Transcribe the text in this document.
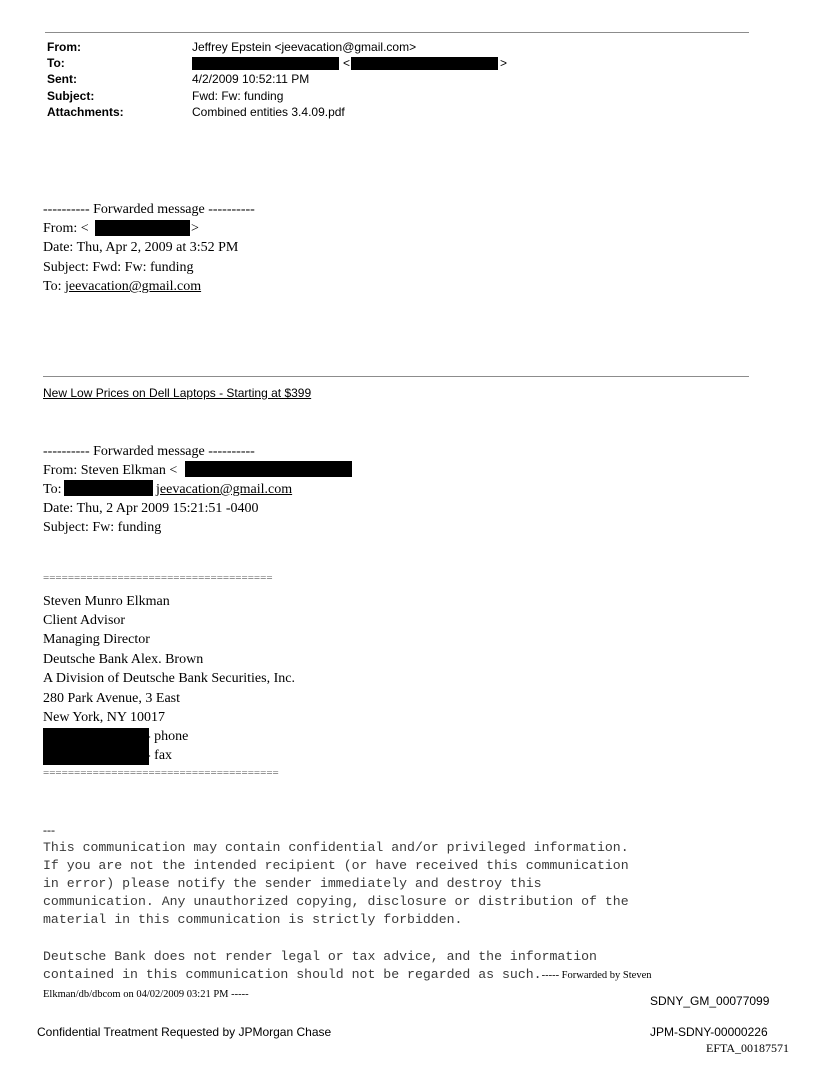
From:	Jeffrey Epstein <jeevacation@gmail.com>
To:	<	>
Sent:	4/2/2009 10:52:11 PM
Subject:	Fwd: Fw: funding
Attachments:	Combined entities 3.4.09.pdf

---------- Forwarded message ----------

From: <

	>

Date: Thu, Apr 2, 2009 at 3:52 PM

Subject: Fwd: Fw: funding

To: jeevacation@gmail.com

New Low Prices on Dell Laptops - Starting at $399

---------- Forwarded message ----------

From: Steven Elkman <

To:

	jeevacation@gmail.com

Date: Thu, 2 Apr 2009 15:21:51 -0400

Subject: Fw: funding

=====================================

Steven Munro Elkman

Client Advisor

Managing Director

Deutsche Bank Alex. Brown

A Division of Deutsche Bank Securities, Inc.

280 Park Avenue, 3 East

New York, NY 10017

- phone

- fax

======================================

---

This communication may contain confidential and/or privileged information.

If you are not the intended recipient (or have received this communication

in error) please notify the sender immediately and destroy this

communication. Any unauthorized copying, disclosure or distribution of the

material in this communication is strictly forbidden.

Deutsche Bank does not render legal or tax advice, and the information

contained in this communication should not be regarded as such.----- Forwarded by Steven

Elkman/db/dbcom on 04/02/2009 03:21 PM -----	SDNY_GM_00077099
Confidential Treatment Requested by JPMorgan Chase	JPM-SDNY-00000226
EFTA_00187571
